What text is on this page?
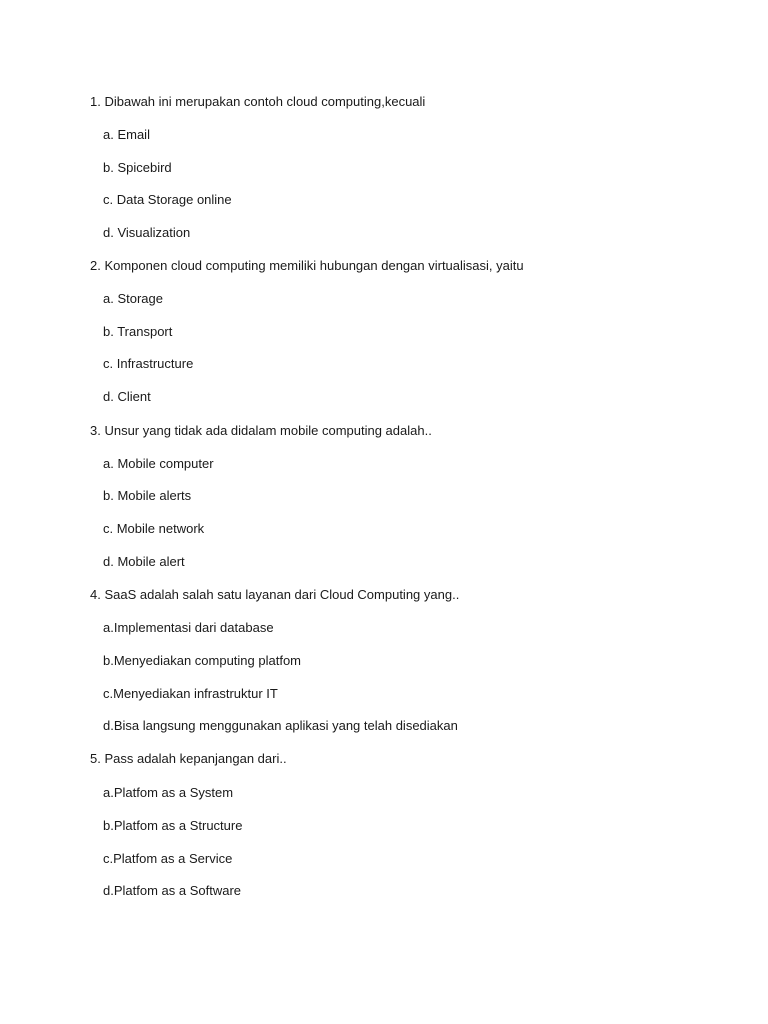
1. Dibawah ini merupakan contoh cloud computing,kecuali
a. Email
b. Spicebird
c. Data Storage online
d. Visualization
2. Komponen cloud computing memiliki hubungan dengan virtualisasi, yaitu
a. Storage
b. Transport
c. Infrastructure
d. Client
3. Unsur yang tidak ada didalam mobile computing adalah..
a. Mobile computer
b. Mobile alerts
c. Mobile network
d. Mobile alert
4. SaaS adalah salah satu layanan dari Cloud Computing yang..
a.Implementasi dari database
b.Menyediakan computing platfom
c.Menyediakan infrastruktur IT
d.Bisa langsung menggunakan aplikasi yang telah disediakan
5. Pass adalah kepanjangan dari..
a.Platfom as a System
b.Platfom as a Structure
c.Platfom as a Service
d.Platfom as a Software
